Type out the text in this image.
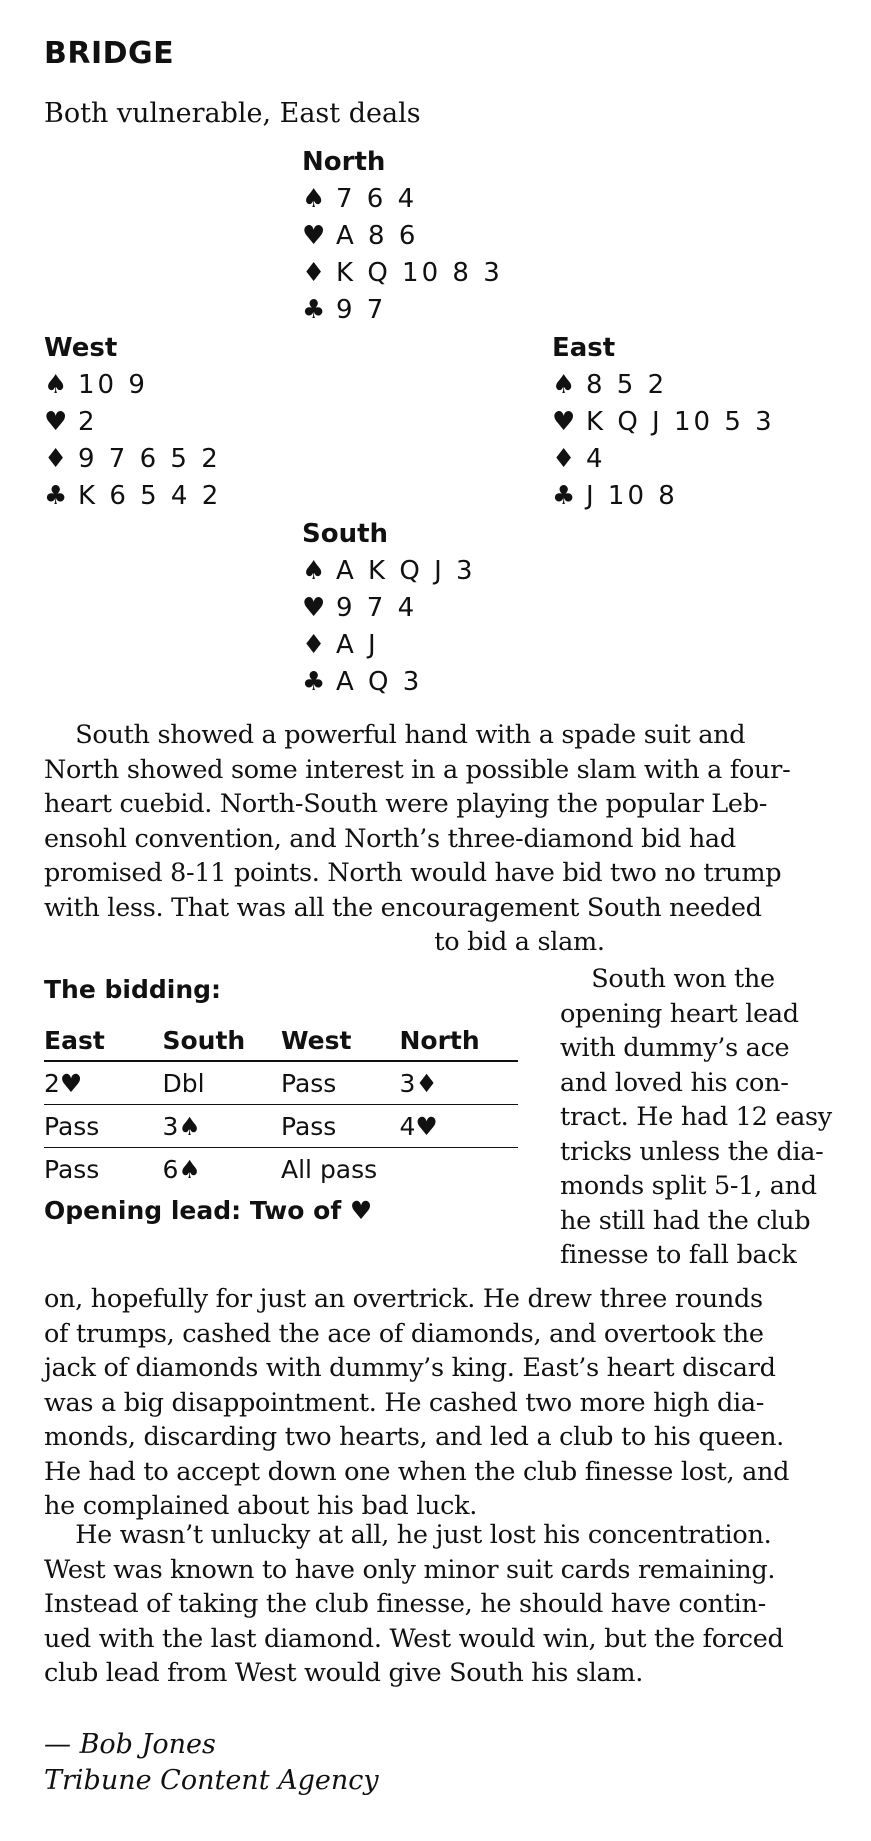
BRIDGE
Both vulnerable, East deals
North
♠ 7 6 4
♥ A 8 6
♦ K Q 10 8 3
♣ 9 7
West
♠ 10 9
♥ 2
♦ 9 7 6 5 2
♣ K 6 5 4 2
East
♠ 8 5 2
♥ K Q J 10 5 3
♦ 4
♣ J 10 8
South
♠ A K Q J 3
♥ 9 7 4
♦ A J
♣ A Q 3
South showed a powerful hand with a spade suit and
North showed some interest in a possible slam with a four-
heart cuebid. North-South were playing the popular Leb-
ensohl convention, and North’s three-diamond bid had
promised 8-11 points. North would have bid two no trump
with less. That was all the encouragement South needed
to bid a slam.
The bidding:
East	South	West	North
2♥	Dbl	Pass	3♦
Pass	3♠	Pass	4♥
Pass	6♠	All pass	
Opening lead: Two of ♥
South won the
opening heart lead
with dummy’s ace
and loved his con-
tract. He had 12 easy
tricks unless the dia-
monds split 5-1, and
he still had the club
finesse to fall back
on, hopefully for just an overtrick. He drew three rounds
of trumps, cashed the ace of diamonds, and overtook the
jack of diamonds with dummy’s king. East’s heart discard
was a big disappointment. He cashed two more high dia-
monds, discarding two hearts, and led a club to his queen.
He had to accept down one when the club finesse lost, and
he complained about his bad luck.
He wasn’t unlucky at all, he just lost his concentration.
West was known to have only minor suit cards remaining.
Instead of taking the club finesse, he should have contin-
ued with the last diamond. West would win, but the forced
club lead from West would give South his slam.
— Bob Jones
Tribune Content Agency
